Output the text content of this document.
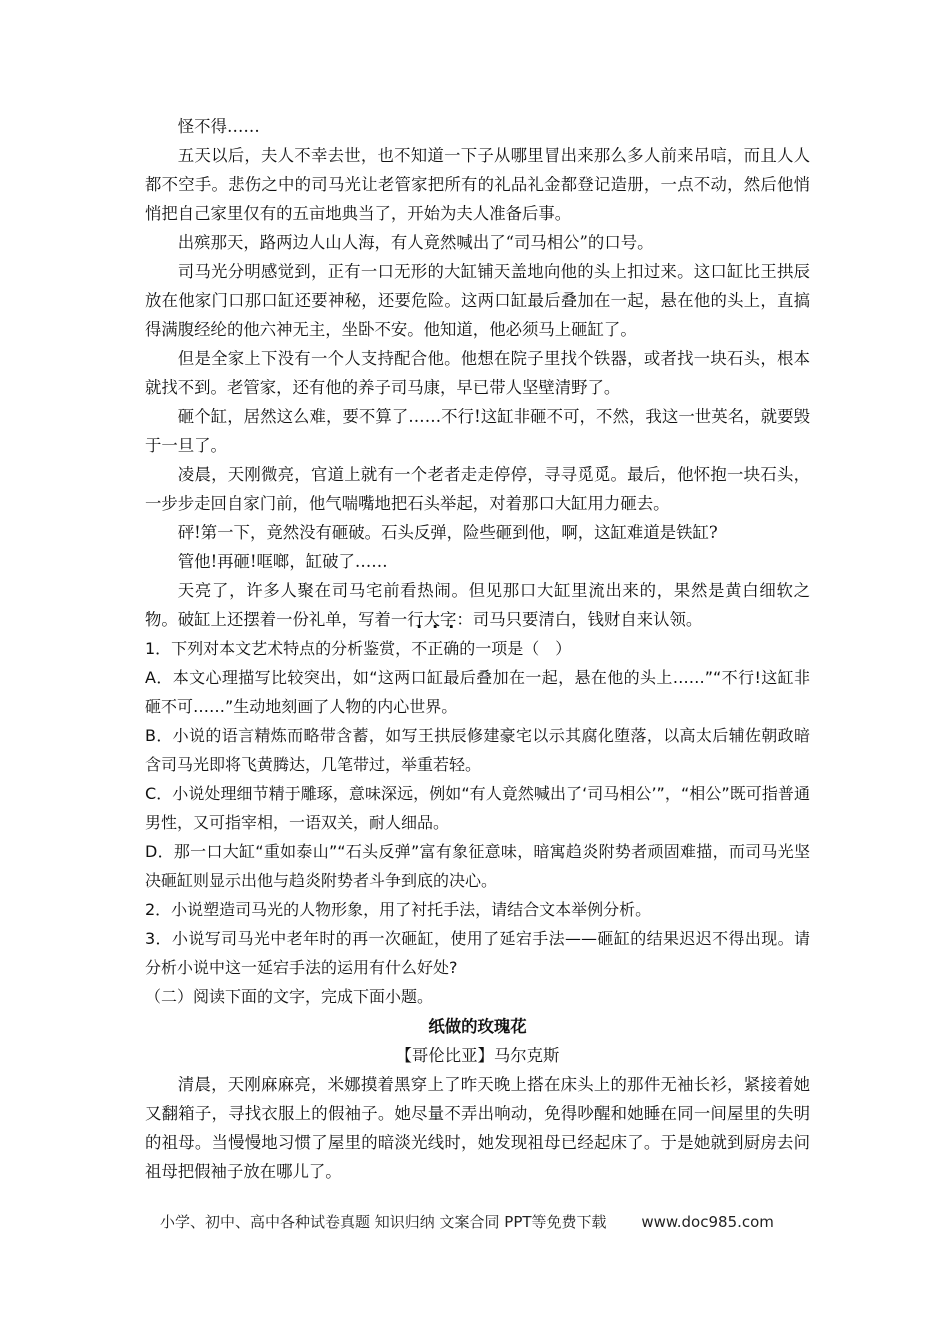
怪不得……

五天以后，夫人不幸去世，也不知道一下子从哪里冒出来那么多人前来吊唁，而且人人都不空手。悲伤之中的司马光让老管家把所有的礼品礼金都登记造册，一点不动，然后他悄悄把自己家里仅有的五亩地典当了，开始为夫人准备后事。

出殡那天，路两边人山人海，有人竟然喊出了“司马相公”的口号。

司马光分明感觉到，正有一口无形的大缸铺天盖地向他的头上扣过来。这口缸比王拱辰放在他家门口那口缸还要神秘，还要危险。这两口缸最后叠加在一起，悬在他的头上，直搞得满腹经纶的他六神无主，坐卧不安。他知道，他必须马上砸缸了。

但是全家上下没有一个人支持配合他。他想在院子里找个铁器，或者找一块石头，根本就找不到。老管家，还有他的养子司马康，早已带人坚壁清野了。

砸个缸，居然这么难，要不算了……不行!这缸非砸不可，不然，我这一世英名，就要毁于一旦了。

凌晨，天刚微亮，官道上就有一个老者走走停停，寻寻觅觅。最后，他怀抱一块石头，一步步走回自家门前，他气喘嘴地把石头举起，对着那口大缸用力砸去。

砰!第一下，竟然没有砸破。石头反弹，险些砸到他，啊，这缸难道是铁缸?

管他!再砸!哐啷，缸破了……

天亮了，许多人聚在司马宅前看热闹。但见那口大缸里流出来的，果然是黄白细软之物。破缸上还摆着一份礼单，写着一行大字：司马只要清白，钱财自来认领。

1．下列对本文艺术特点的分析鉴赏，不正确的一项是（　）

A．本文心理描写比较突出，如“这两口缸最后叠加在一起，悬在他的头上……”“不行!这缸非砸不可……”生动地刻画了人物的内心世界。

B．小说的语言精炼而略带含蓄，如写王拱辰修建豪宅以示其腐化堕落，以高太后辅佐朝政暗含司马光即将飞黄腾达，几笔带过，举重若轻。

C．小说处理细节精于雕琢，意味深远，例如“有人竟然喊出了‘司马相公’”，“相公”既可指普通男性，又可指宰相，一语双关，耐人细品。

D．那一口大缸“重如泰山”“石头反弹”富有象征意味，暗寓趋炎附势者顽固难描，而司马光坚决砸缸则显示出他与趋炎附势者斗争到底的决心。

2．小说塑造司马光的人物形象，用了衬托手法，请结合文本举例分析。

3．小说写司马光中老年时的再一次砸缸，使用了延宕手法——砸缸的结果迟迟不得出现。请分析小说中这一延宕手法的运用有什么好处?

（二）阅读下面的文字，完成下面小题。

纸做的玫瑰花

【哥伦比亚】马尔克斯

清晨，天刚麻麻亮，米娜摸着黑穿上了昨天晚上搭在床头上的那件无袖长衫，紧接着她又翻箱子，寻找衣服上的假袖子。她尽量不弄出响动，免得吵醒和她睡在同一间屋里的失明的祖母。当慢慢地习惯了屋里的暗淡光线时，她发现祖母已经起床了。于是她就到厨房去问祖母把假袖子放在哪儿了。

小学、初中、高中各种试卷真题 知识归纳 文案合同 PPT等免费下载 www.doc985.com
